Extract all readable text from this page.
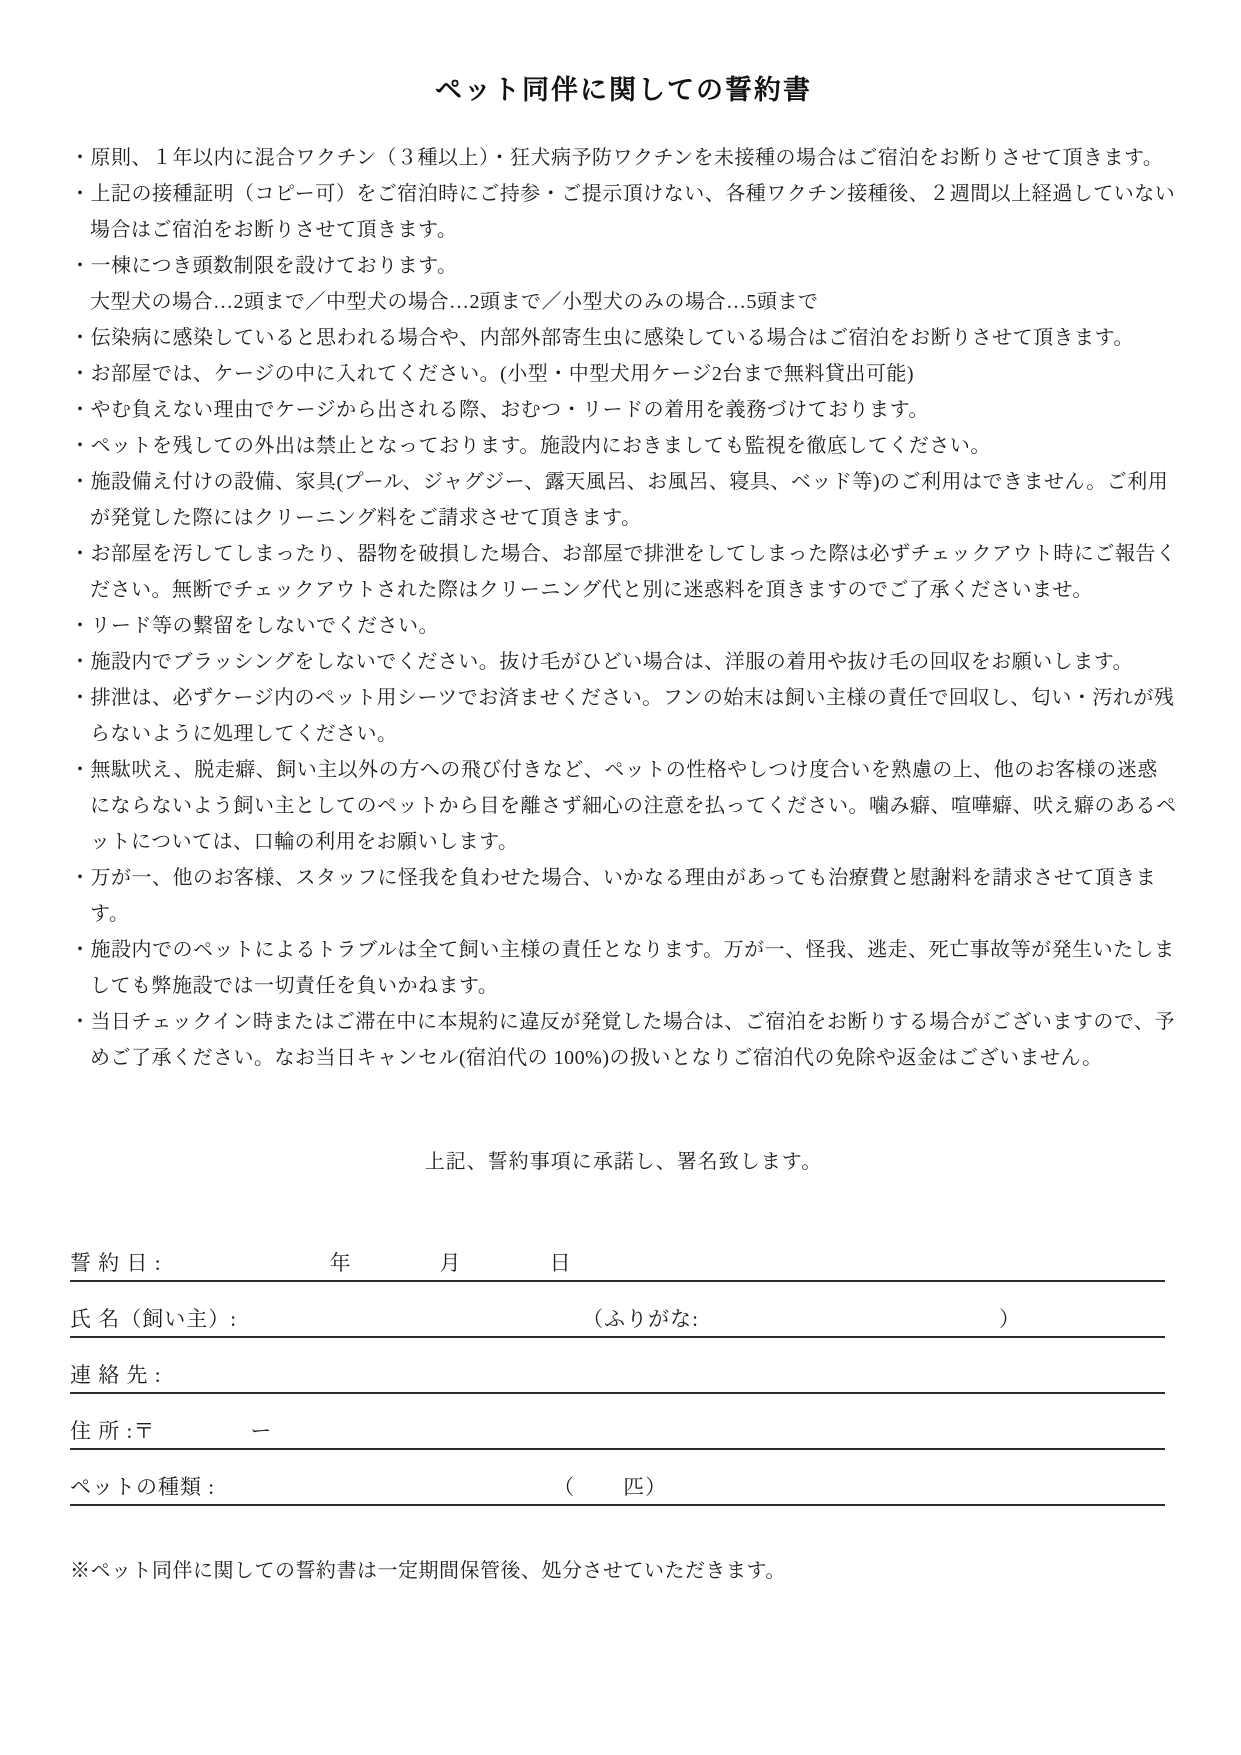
ペット同伴に関しての誓約書
・原則、１年以内に混合ワクチン（３種以上）・狂犬病予防ワクチンを未接種の場合はご宿泊をお断りさせて頂きます。
・上記の接種証明（コピー可）をご宿泊時にご持参・ご提示頂けない、各種ワクチン接種後、２週間以上経過していない場合はご宿泊をお断りさせて頂きます。
・一棟につき頭数制限を設けております。
大型犬の場合…2頭まで／中型犬の場合…2頭まで／小型犬のみの場合…5頭まで
・伝染病に感染していると思われる場合や、内部外部寄生虫に感染している場合はご宿泊をお断りさせて頂きます。
・お部屋では、ケージの中に入れてください。(小型・中型犬用ケージ2台まで無料貸出可能)
・やむ負えない理由でケージから出される際、おむつ・リードの着用を義務づけております。
・ペットを残しての外出は禁止となっております。施設内におきましても監視を徹底してください。
・施設備え付けの設備、家具(プール、ジャグジー、露天風呂、お風呂、寝具、ベッド等)のご利用はできません。ご利用が発覚した際にはクリーニング料をご請求させて頂きます。
・お部屋を汚してしまったり、器物を破損した場合、お部屋で排泄をしてしまった際は必ずチェックアウト時にご報告ください。無断でチェックアウトされた際はクリーニング代と別に迷惑料を頂きますのでご了承くださいませ。
・リード等の繋留をしないでください。
・施設内でブラッシングをしないでください。抜け毛がひどい場合は、洋服の着用や抜け毛の回収をお願いします。
・排泄は、必ずケージ内のペット用シーツでお済ませください。フンの始末は飼い主様の責任で回収し、匂い・汚れが残らないように処理してください。
・無駄吠え、脱走癖、飼い主以外の方への飛び付きなど、ペットの性格やしつけ度合いを熟慮の上、他のお客様の迷惑にならないよう飼い主としてのペットから目を離さず細心の注意を払ってください。噛み癖、喧嘩癖、吠え癖のあるペットについては、口輪の利用をお願いします。
・万が一、他のお客様、スタッフに怪我を負わせた場合、いかなる理由があっても治療費と慰謝料を請求させて頂きます。
・施設内でのペットによるトラブルは全て飼い主様の責任となります。万が一、怪我、逃走、死亡事故等が発生いたしましても弊施設では一切責任を負いかねます。
・当日チェックイン時またはご滞在中に本規約に違反が発覚した場合は、ご宿泊をお断りする場合がございますので、予めご了承ください。なお当日キャンセル(宿泊代の 100%)の扱いとなりご宿泊代の免除や返金はございません。

上記、誓約事項に承諾し、署名致します。

誓 約 日 :	年	月	日
氏 名（飼い主）:	（ふりがな:	）
連 絡 先 :
住 所 :〒	ー
ペットの種類 :	（ 匹）

※ペット同伴に関しての誓約書は一定期間保管後、処分させていただきます。
